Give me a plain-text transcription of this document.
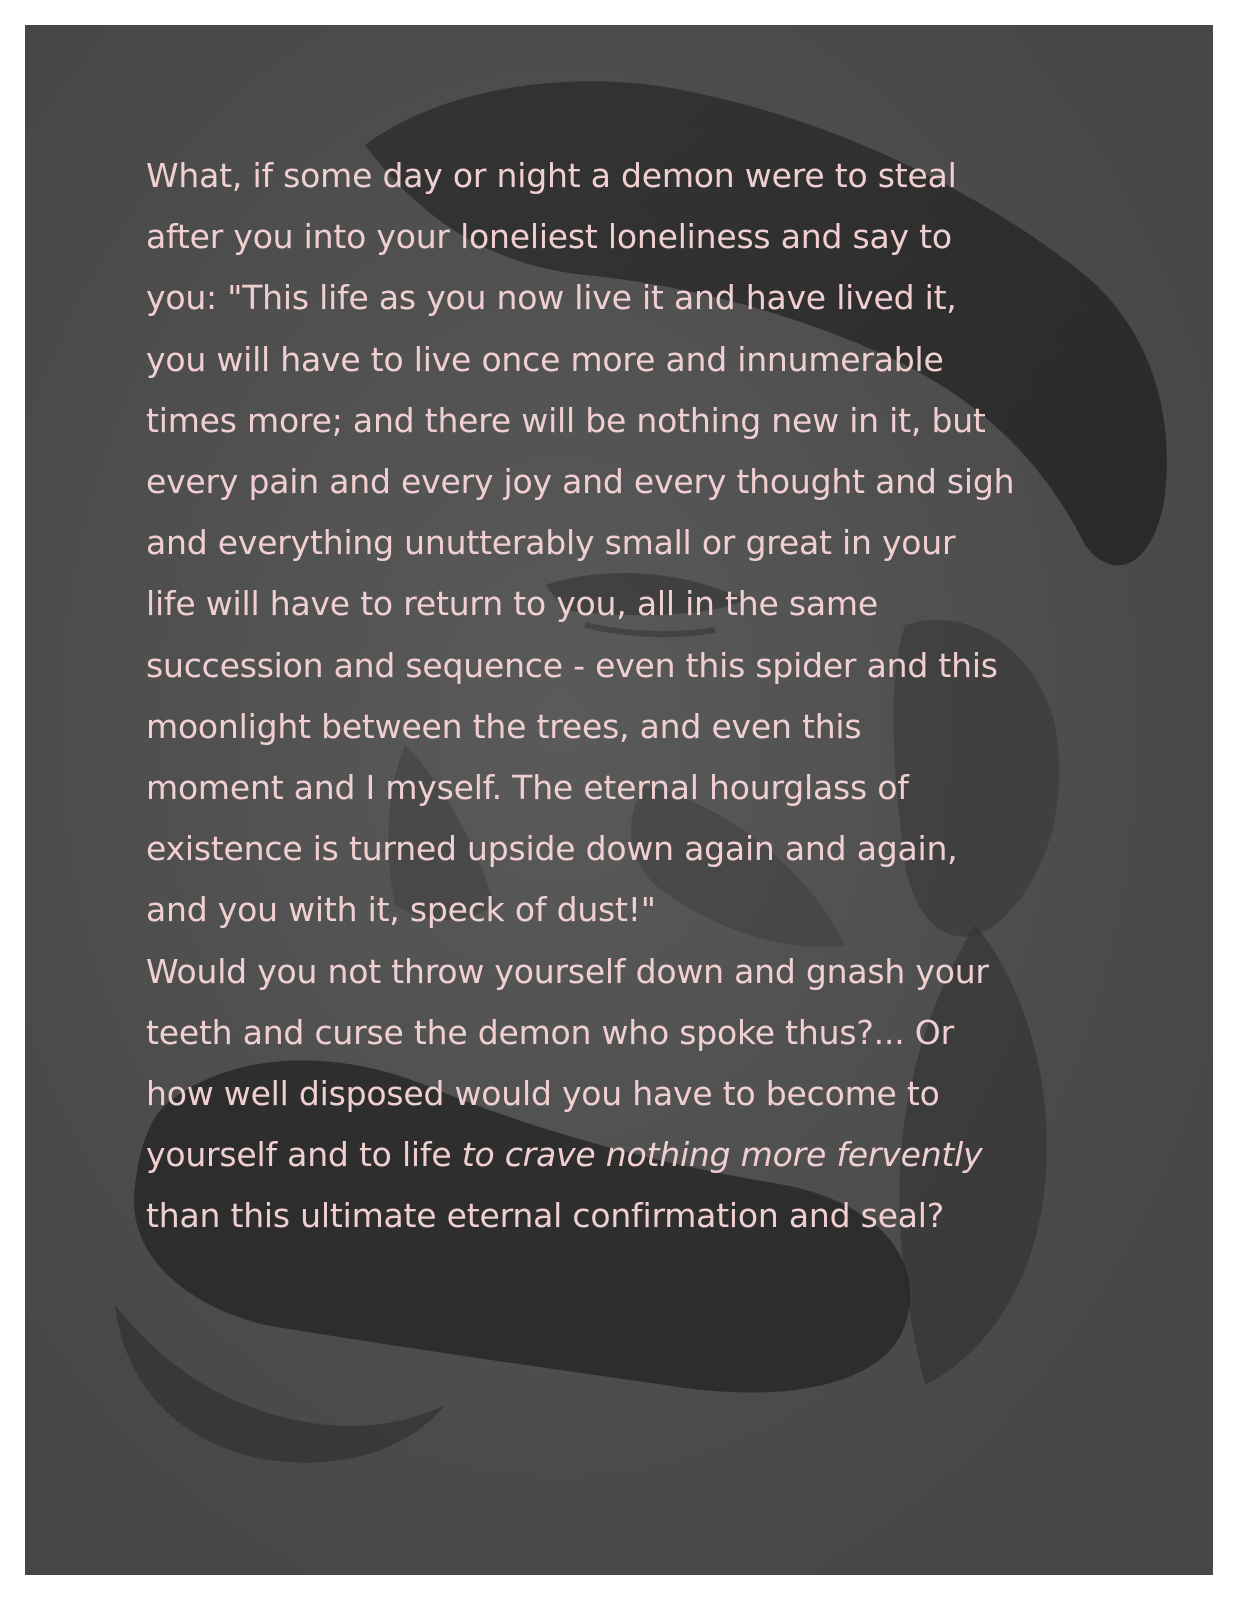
What, if some day or night a demon were to steal
after you into your loneliest loneliness and say to
you: "This life as you now live it and have lived it,
you will have to live once more and innumerable
times more; and there will be nothing new in it, but
every pain and every joy and every thought and sigh
and everything unutterably small or great in your
life will have to return to you, all in the same
succession and sequence - even this spider and this
moonlight between the trees, and even this
moment and I myself. The eternal hourglass of
existence is turned upside down again and again,
and you with it, speck of dust!"
Would you not throw yourself down and gnash your
teeth and curse the demon who spoke thus?... Or
how well disposed would you have to become to
yourself and to life to crave nothing more fervently
than this ultimate eternal confirmation and seal?
